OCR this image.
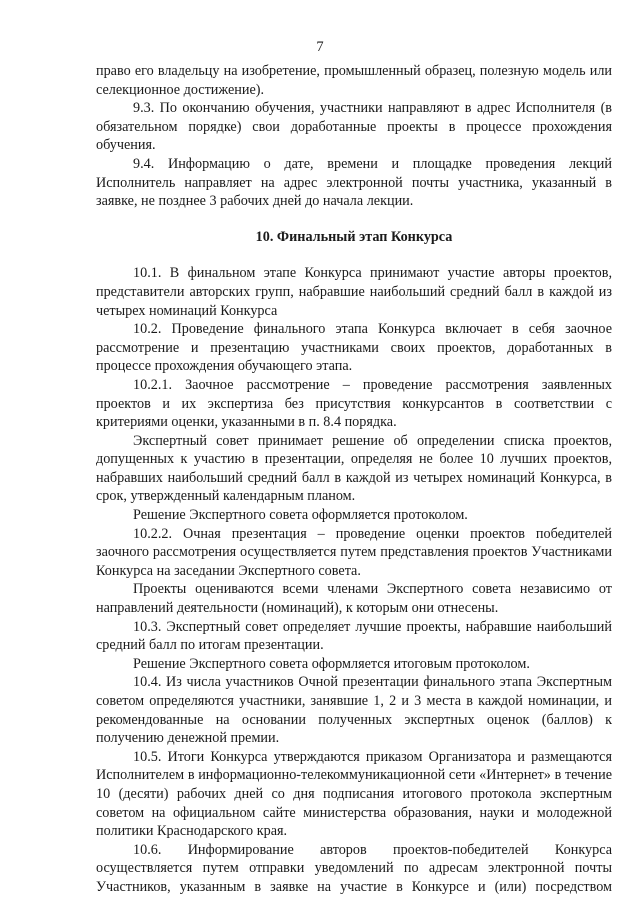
7

право его владельцу на изобретение, промышленный образец, полезную модель или селекционное достижение).

9.3. По окончанию обучения, участники направляют в адрес Исполнителя (в обязательном порядке) свои доработанные проекты в процессе прохождения обучения.

9.4. Информацию о дате, времени и площадке проведения лекций Исполнитель направляет на адрес электронной почты участника, указанный в заявке, не позднее 3 рабочих дней до начала лекции.

10. Финальный этап Конкурса

10.1. В финальном этапе Конкурса принимают участие авторы проектов, представители авторских групп, набравшие наибольший средний балл в каждой из четырех номинаций Конкурса

10.2. Проведение финального этапа Конкурса включает в себя заочное рассмотрение и презентацию участниками своих проектов, доработанных в процессе прохождения обучающего этапа.

10.2.1. Заочное рассмотрение – проведение рассмотрения заявленных проектов и их экспертиза без присутствия конкурсантов в соответствии с критериями оценки, указанными в п. 8.4 порядка.

Экспертный совет принимает решение об определении списка проектов, допущенных к участию в презентации, определяя не более 10 лучших проектов, набравших наибольший средний балл в каждой из четырех номинаций Конкурса, в срок, утвержденный календарным планом.

Решение Экспертного совета оформляется протоколом.

10.2.2. Очная презентация – проведение оценки проектов победителей заочного рассмотрения осуществляется путем представления проектов Участниками Конкурса на заседании Экспертного совета.

Проекты оцениваются всеми членами Экспертного совета независимо от направлений деятельности (номинаций), к которым они отнесены.

10.3. Экспертный совет определяет лучшие проекты, набравшие наибольший средний балл по итогам презентации.

Решение Экспертного совета оформляется итоговым протоколом.

10.4. Из числа участников Очной презентации финального этапа Экспертным советом определяются участники, занявшие 1, 2 и 3 места в каждой номинации, и рекомендованные на основании полученных экспертных оценок (баллов) к получению денежной премии.

10.5. Итоги Конкурса утверждаются приказом Организатора и размещаются Исполнителем в информационно-телекоммуникационной сети «Интернет» в течение 10 (десяти) рабочих дней со дня подписания итогового протокола экспертным советом на официальном сайте министерства образования, науки и молодежной политики Краснодарского края.

10.6. Информирование авторов проектов-победителей Конкурса осуществляется путем отправки уведомлений по адресам электронной почты Участников, указанным в заявке на участие в Конкурсе и (или) посредством
